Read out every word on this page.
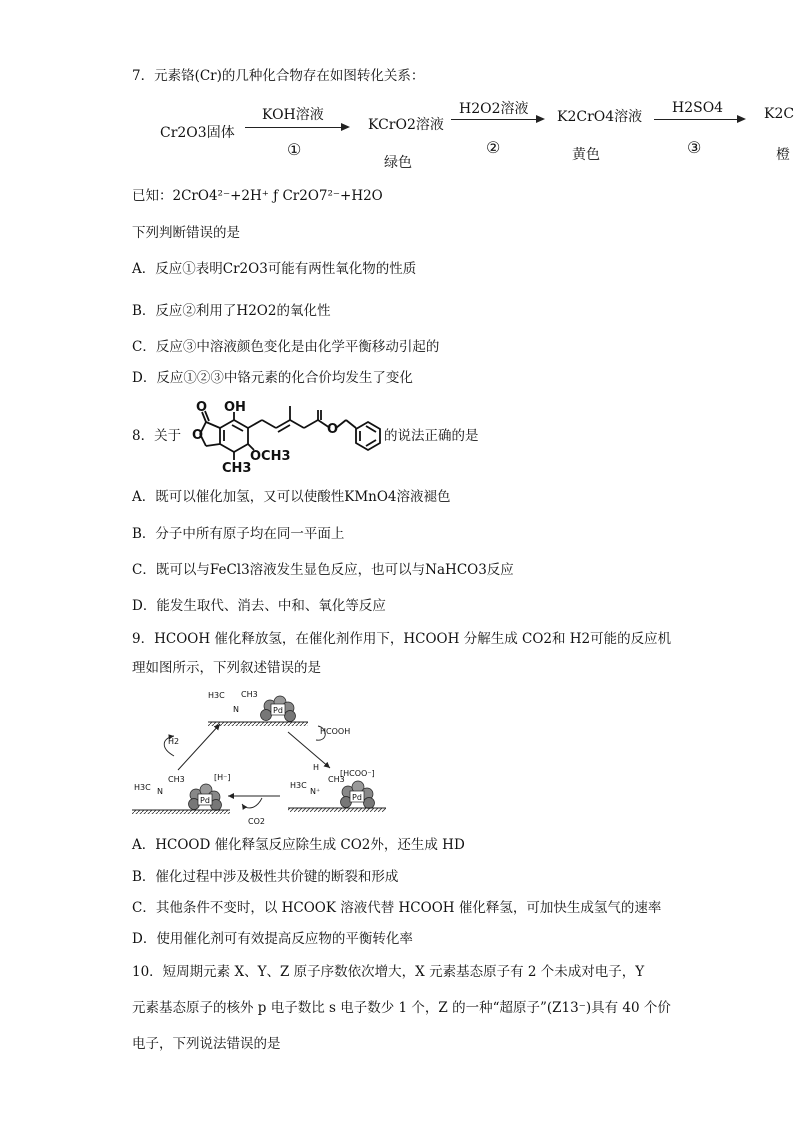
7．元素铬(Cr)的几种化合物存在如图转化关系：
Cr2O3固体
KOH溶液
①
KCrO2溶液
绿色
H2O2溶液
②
K2CrO4溶液
黄色
H2SO4
③
K2C
橙
已知：2CrO4²⁻+2H⁺ ƒ Cr2O7²⁻+H2O
下列判断错误的是
A．反应①表明Cr2O3可能有两性氧化物的性质
B．反应②利用了H2O2的氧化性
C．反应③中溶液颜色变化是由化学平衡移动引起的
D．反应①②③中铬元素的化合价均发生了变化
8．关于
O OH
O	O
OCH3
CH3
的说法正确的是
A．既可以催化加氢，又可以使酸性KMnO4溶液褪色
B．分子中所有原子均在同一平面上
C．既可以与FeCl3溶液发生显色反应，也可以与NaHCO3反应
D．能发生取代、消去、中和、氧化等反应
9．HCOOH 催化释放氢，在催化剂作用下，HCOOH 分解生成 CO2和 H2可能的反应机
理如图所示，下列叙述错误的是
H3C CH3
N	Pd
H3C
CH3
N
[H⁻]
Pd
H
H3C
CH3
N⁺
[HCOO⁻]
Pd
H2
HCOOH
CO2
A．HCOOD 催化释氢反应除生成 CO2外，还生成 HD
B．催化过程中涉及极性共价键的断裂和形成
C．其他条件不变时，以 HCOOK 溶液代替 HCOOH 催化释氢，可加快生成氢气的速率
D．使用催化剂可有效提高反应物的平衡转化率
10．短周期元素 X、Y、Z 原子序数依次增大，X 元素基态原子有 2 个未成对电子，Y
元素基态原子的核外 p 电子数比 s 电子数少 1 个，Z 的一种“超原子”(Z13⁻)具有 40 个价
电子，下列说法错误的是
